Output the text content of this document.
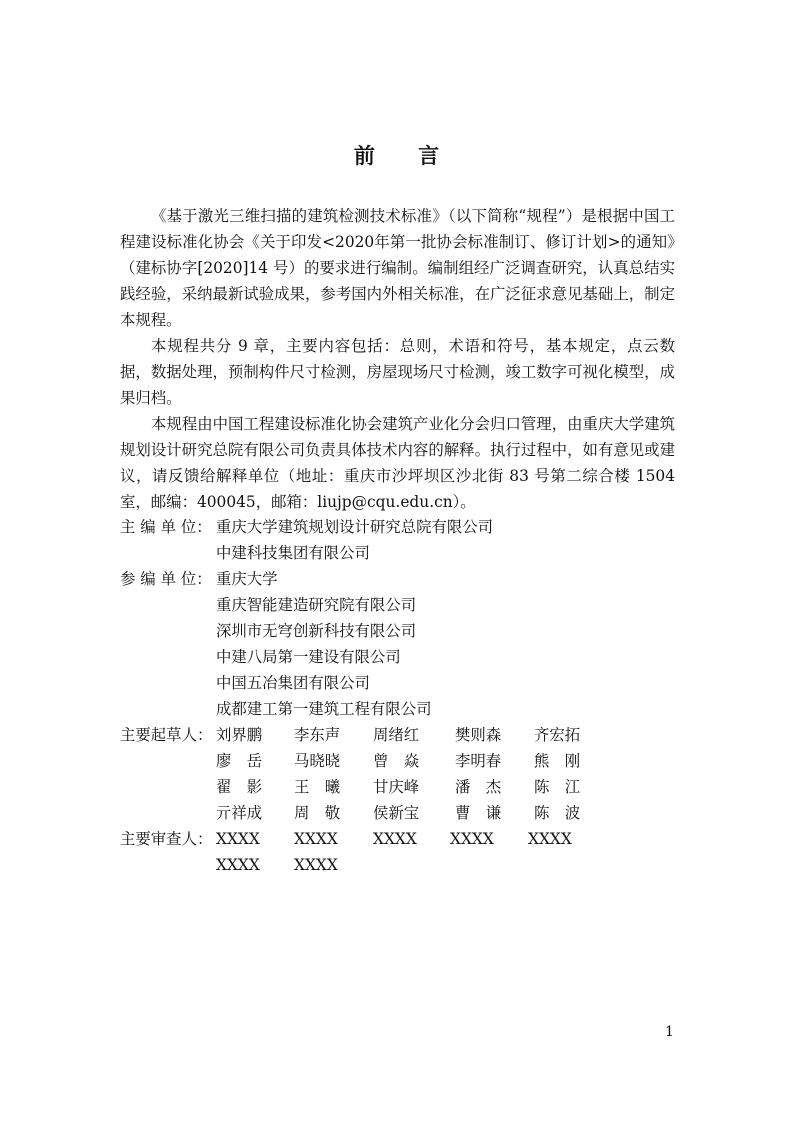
前 言

《基于激光三维扫描的建筑检测技术标准》（以下简称“规程”）是根据中国工程建设标准化协会《关于印发<2020年第一批协会标准制订、修订计划>的通知》（建标协字[2020]14 号）的要求进行编制。编制组经广泛调查研究，认真总结实践经验，采纳最新试验成果，参考国内外相关标准，在广泛征求意见基础上，制定本规程。

本规程共分 9 章，主要内容包括：总则，术语和符号，基本规定，点云数据，数据处理，预制构件尺寸检测，房屋现场尺寸检测，竣工数字可视化模型，成果归档。

本规程由中国工程建设标准化协会建筑产业化分会归口管理，由重庆大学建筑规划设计研究总院有限公司负责具体技术内容的解释。执行过程中，如有意见或建议，请反馈给解释单位（地址：重庆市沙坪坝区沙北街 83 号第二综合楼 1504 室，邮编：400045，邮箱：liujp@cqu.edu.cn）。

主 编 单 位： 重庆大学建筑规划设计研究总院有限公司
中建科技集团有限公司
参 编 单 位： 重庆大学
重庆智能建造研究院有限公司
深圳市无穹创新科技有限公司
中建八局第一建设有限公司
中国五冶集团有限公司
成都建工第一建筑工程有限公司
主要起草人： 刘界鹏 李东声 周绪红 樊则森 齐宏拓
廖　岳 马晓晓 曾　焱 李明春 熊　刚
翟　影 王　曦 甘庆峰 潘　杰 陈　江
亓祥成 周　敬 侯新宝 曹　谦 陈　波
主要审查人： XXXX XXXX XXXX XXXX XXXX
XXXX XXXX
1
